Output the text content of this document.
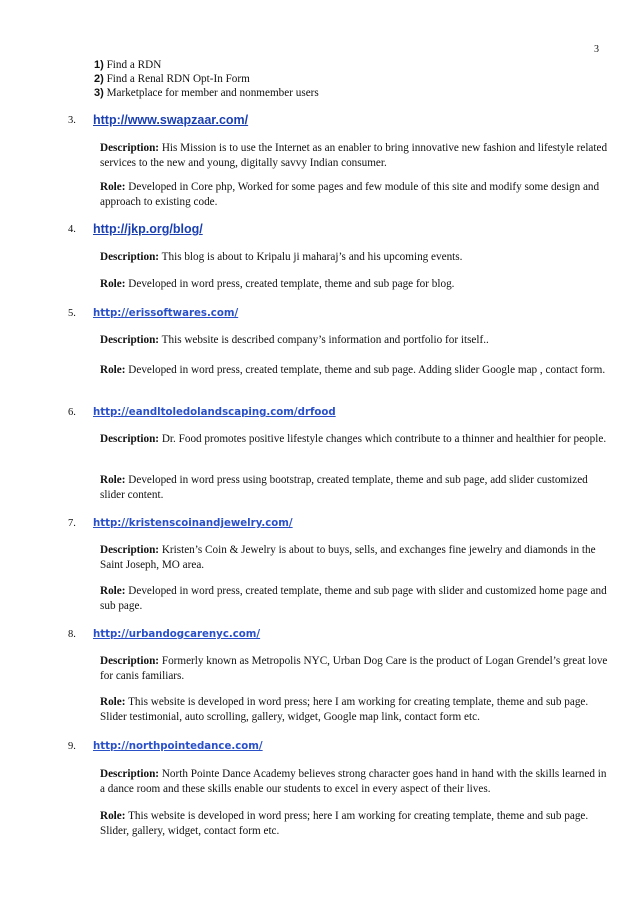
3
1) Find a RDN
2) Find a Renal RDN Opt-In Form
3) Marketplace for member and nonmember users
3. http://www.swapzaar.com/
Description: His Mission is to use the Internet as an enabler to bring innovative new fashion and lifestyle related services to the new and young, digitally savvy Indian consumer.
Role: Developed in Core php, Worked for some pages and few module of this site and modify some design and approach to existing code.
4. http://jkp.org/blog/
Description: This blog is about to Kripalu ji maharaj’s and his upcoming events.
Role: Developed in word press, created template, theme and sub page for blog.
5. http://erissoftwares.com/
Description: This website is described company’s information and portfolio for itself..
Role: Developed in word press, created template, theme and sub page. Adding slider Google map , contact form.
6. http://eandltoledolandscaping.com/drfood
Description: Dr. Food promotes positive lifestyle changes which contribute to a thinner and healthier for people.
Role: Developed in word press using bootstrap, created template, theme and sub page, add slider customized slider content.
7. http://kristenscoinandjewelry.com/
Description: Kristen’s Coin & Jewelry is about to buys, sells, and exchanges fine jewelry and diamonds in the Saint Joseph, MO area.
Role: Developed in word press, created template, theme and sub page with slider and customized home page and sub page.
8. http://urbandogcarenyc.com/
Description: Formerly known as Metropolis NYC, Urban Dog Care is the product of Logan Grendel’s great love for canis familiars.
Role: This website is developed in word press; here I am working for creating template, theme and sub page. Slider testimonial, auto scrolling, gallery, widget, Google map link, contact form etc.
9. http://northpointedance.com/
Description: North Pointe Dance Academy believes strong character goes hand in hand with the skills learned in a dance room and these skills enable our students to excel in every aspect of their lives.
Role: This website is developed in word press; here I am working for creating template, theme and sub page. Slider, gallery, widget, contact form etc.
